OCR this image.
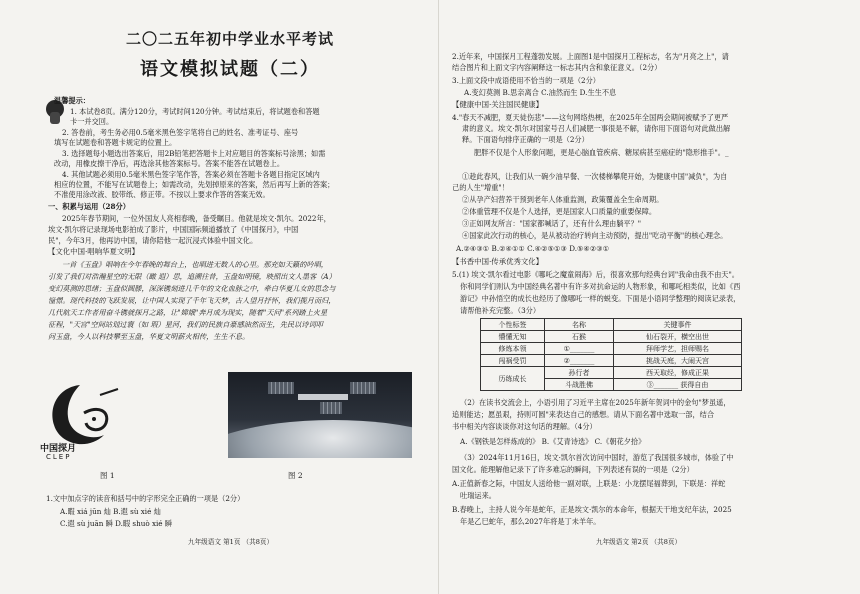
二〇二五年初中学业水平考试
语文模拟试题（二）
温馨提示：
1. 本试卷8页。满分120分，考试时间120分钟。考试结束后，将试题卷和答题
卡一并交回。
2. 答卷前，考生务必用0.5毫米黑色签字笔将自己的姓名、准考证号、座号
填写在试题卷和答题卡规定的位置上。
3. 选择题每小题选出答案后，用2B铅笔把答题卡上对应题目的答案标号涂黑；如需
改动，用橡皮擦干净后，再选涂其他答案标号。答案不能答在试题卷上。
4. 其他试题必须用0.5毫米黑色签字笔作答，答案必须在答题卡各题目指定区域内
相应的位置，不能写在试题卷上；如需改动，先划掉原来的答案，然后再写上新的答案；
不准使用涂改液、胶带纸、修正带。不按以上要求作答的答案无效。
一、积累与运用（28分）
2025年春节期间，一位外国友人亮相春晚，备受瞩目。他就是埃文·凯尔。2022年，
埃文·凯尔将记录现场电影拍成了影片，中国国际频道播放了《中国探月》，中国
民"，今年3月，他再访中国，请你陪他一起沉浸式体验中国文化。
【文化中国·唱响华夏文明】
一首《玉盘》唱响在今年春晚的舞台上，也唱进无数人的心里。那充如天籁的吟唱，
引发了我们对浩瀚星空的无限（瞰 遐）思，追溯往昔，玉盘如明镜，映照出文人墨客（A）
变幻莫测的思绪；玉盘似圆滕，深深镌刻进几千年的文化血脉之中，牵白华夏儿女的思念与
憧憬。现代科技的飞跃发展，让中国人实现了千年飞天梦，古人望月抒怀，我们揽月而归，
几代航天工作者用奋斗镌就探月之路，让"嫦娥"奔月成为现实，随着"天问"系列踏上火星
征程，"天宫"空间站划过寰（如 瑕）星河，我们的民族自豪感油然而生，先民以诗词叩
问玉盘，今人以科技攀至玉盘，华夏文明薪火相传，生生不息。
中国探月
CLEP
图 1	图 2
1.文中加点字的读音和括号中的字形完全正确的一项是（2分）
A.暇 xiá jūn 灿 B.遐 sù xié 灿
C.遐 sù juān 瞬 D.暇 shuò xié 瞬
九年级语文 第1页 （共8页）
2.近年来，中国探月工程蓬勃发展。上面图1是中国探月工程标志，名为"月亮之上"，请
结合图片和上面文字内容阐释这一标志其内含和象征意义。（2分）
3.上面文段中成语使用不恰当的一项是（2分）
A.变幻莫测 B.思亲离合 C.油然而生 D.生生不息
【健康中国·关注国民健康】
4."春天不减肥，夏天徒伤悲"——这句网络热梗，在2025年全国两会期间被赋予了更严
肃的意义。埃文·凯尔对国家号召人们减肥一事很是不解，请你用下面语句对此做出解
释。下面语句排序正确的一项是（2分）
肥胖不仅是个人形象问题，更是心脑血管疾病、糖尿病甚至癌症的"隐形推手"。_
①趁此春风，让我们从一碗少油早餐、一次楼梯攀爬开始，为健康中国"减负"，为自
己的人生"增重"！
②从孕产妇营养干预到老年人体重监测，政策覆盖全生命周期。
②体重管理不仅是个人选择，更是国家人口质量的重要保障。
③正如网友所言："国家都喊话了，还有什么理由躺平？"
④国家此次行动的核心，是从被动治疗转向主动预防，提出"吃动平衡"的核心理念。
A.②④③① B.②④①① C.④②⑤①③ D.⑤④②③①
【书香中国·传承优秀文化】
5.(1) 埃文·凯尔看过电影《哪吒之魔童闹海》后，很喜欢那句经典台词"我命由我不由天"。
你和同学们则认为中国经典名著中有许多对抗命运的人物形象，和哪吒相类似，比如《西
游记》中孙悟空的成长也经历了像哪吒一样的蜕变。下面是小语同学整理的阅读记录表，
请帮他补充完整。（3分）
个性标签	名称	关键事件
懵懂无知	石猴	仙石裂开，横空出世
修炼本领	①_______	拜师学艺，担师赐名
闯祸受罚	②_______	挑战天庭，大闹天宫
历练成长	孙行者	西天取经，修成正果
	斗战胜佛	③_______ 获得自由
（2）在读书交流会上，小语引用了习近平主席在2025年新年贺词中的金句"梦虽遥，
追则能达；愿虽艰，持则可圆"来表达自己的感想。请从下面名著中选取一部，结合
书中相关内容谈谈你对这句话的理解。（4分）
A.《钢铁是怎样炼成的》 B.《艾青诗选》 C.《朝花夕拾》
（3）2024年11月16日，埃文·凯尔首次访问中国时，游览了我国很多城市，体验了中
国文化。能理解他记录下了许多难忘的瞬间，下列表述有误的一项是（2分）
A.正值新春之际，中国友人送给他一副对联，上联是：小龙摆尾福葬到，下联是：祥蛇
吐瑞运来。
B.春晚上，主持人说今年是蛇年，正是埃文·凯尔的本命年，根据天干地支纪年法，2025
年是乙巳蛇年，那么2027年将是丁未羊年。
九年级语文 第2页 （共8页）
